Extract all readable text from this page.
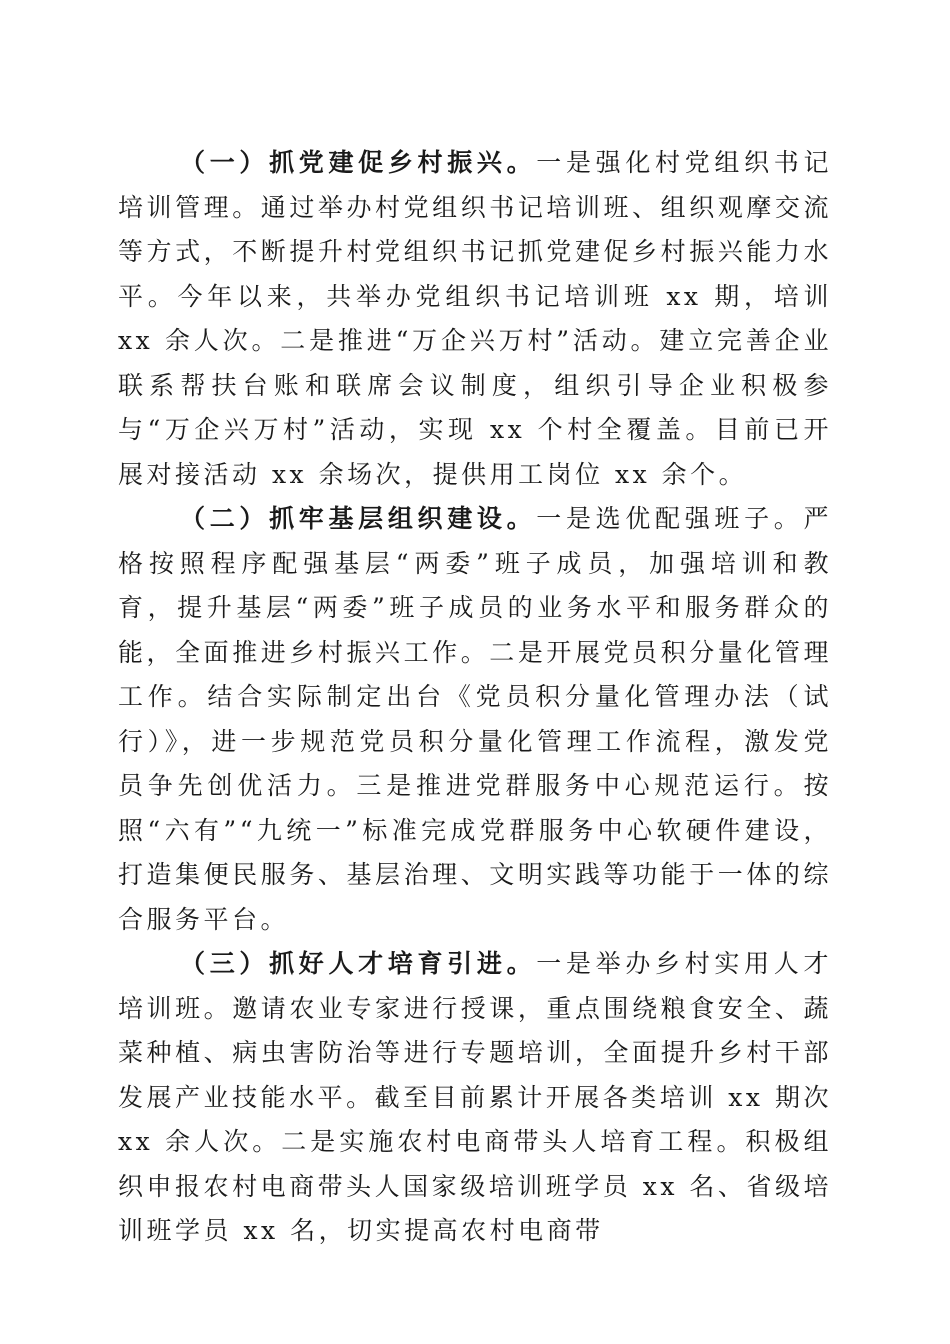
（一）抓党建促乡村振兴。一是强化村党组织书记培训管理。通过举办村党组织书记培训班、组织观摩交流等方式，不断提升村党组织书记抓党建促乡村振兴能力水平。今年以来，共举办党组织书记培训班 xx 期，培训 xx 余人次。二是推进“万企兴万村”活动。建立完善企业联系帮扶台账和联席会议制度，组织引导企业积极参与“万企兴万村”活动，实现 xx 个村全覆盖。目前已开展对接活动 xx 余场次，提供用工岗位 xx 余个。

（二）抓牢基层组织建设。一是选优配强班子。严格按照程序配强基层“两委”班子成员，加强培训和教育，提升基层“两委”班子成员的业务水平和服务群众的能，全面推进乡村振兴工作。二是开展党员积分量化管理工作。结合实际制定出台《党员积分量化管理办法（试行）》，进一步规范党员积分量化管理工作流程，激发党员争先创优活力。三是推进党群服务中心规范运行。按照“六有”“九统一”标准完成党群服务中心软硬件建设，打造集便民服务、基层治理、文明实践等功能于一体的综合服务平台。

（三）抓好人才培育引进。一是举办乡村实用人才培训班。邀请农业专家进行授课，重点围绕粮食安全、蔬菜种植、病虫害防治等进行专题培训，全面提升乡村干部发展产业技能水平。截至目前累计开展各类培训 xx 期次 xx 余人次。二是实施农村电商带头人培育工程。积极组织申报农村电商带头人国家级培训班学员 xx 名、省级培训班学员 xx 名，切实提高农村电商带
